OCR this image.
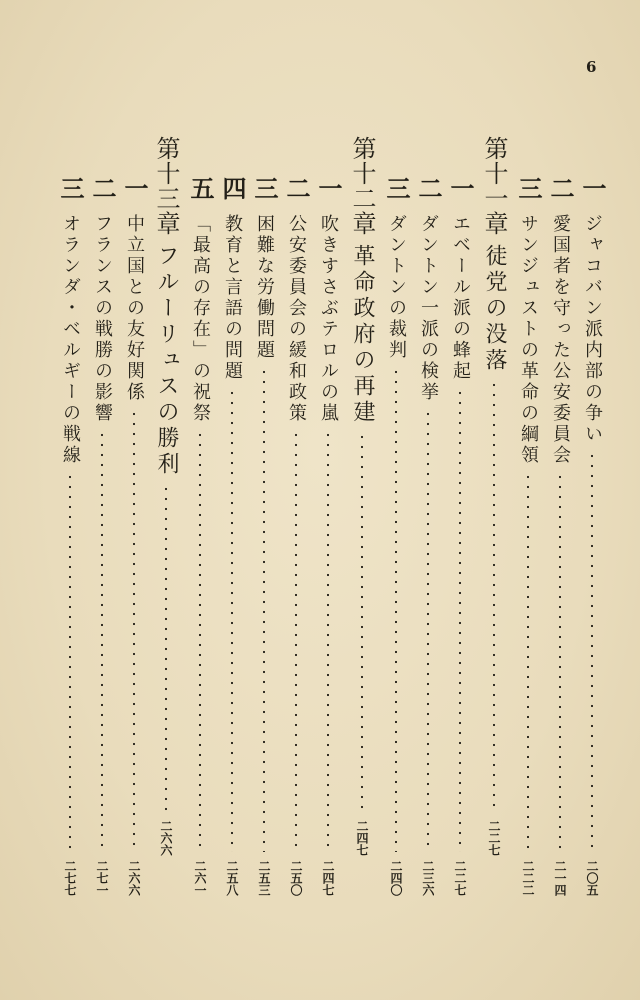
6
一
ジャコバン派内部の争い
二〇五
二
愛国者を守った公安委員会
二一四
三
サンジュストの革命の綱領
二二二
第十一章
徒党の没落
二二七
一
エベール派の蜂起
二二七
二
ダントン一派の検挙
二三六
三
ダントンの裁判
二四〇
第十二章
革命政府の再建
二四七
一
吹きすさぶテロルの嵐
二四七
二
公安委員会の緩和政策
二五〇
三
困難な労働問題
二五三
四
教育と言語の問題
二五八
五
「最高の存在」の祝祭
二六一
第十三章
フルーリュスの勝利
二六六
一
中立国との友好関係
二六六
二
フランスの戦勝の影響
二七一
三
オランダ・ベルギーの戦線
二七七
